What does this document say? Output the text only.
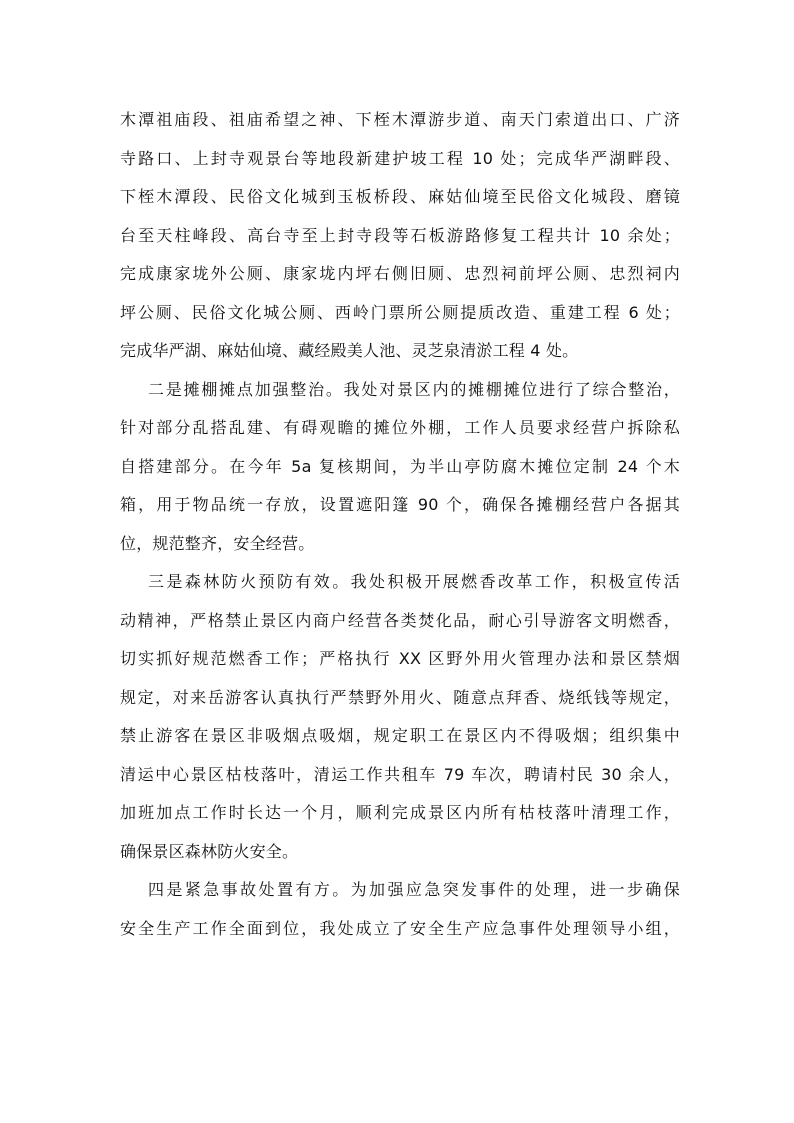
木潭祖庙段、祖庙希望之神、下桎木潭游步道、南天门索道出口、广济
寺路口、上封寺观景台等地段新建护坡工程 10 处；完成华严湖畔段、
下桎木潭段、民俗文化城到玉板桥段、麻姑仙境至民俗文化城段、磨镜
台至天柱峰段、高台寺至上封寺段等石板游路修复工程共计 10 余处；
完成康家垅外公厕、康家垅内坪右侧旧厕、忠烈祠前坪公厕、忠烈祠内
坪公厕、民俗文化城公厕、西岭门票所公厕提质改造、重建工程 6 处；
完成华严湖、麻姑仙境、藏经殿美人池、灵芝泉清淤工程 4 处。
二是摊棚摊点加强整治。我处对景区内的摊棚摊位进行了综合整治，
针对部分乱搭乱建、有碍观瞻的摊位外棚，工作人员要求经营户拆除私
自搭建部分。在今年 5a 复核期间，为半山亭防腐木摊位定制 24 个木
箱，用于物品统一存放，设置遮阳篷 90 个，确保各摊棚经营户各据其
位，规范整齐，安全经营。
三是森林防火预防有效。我处积极开展燃香改革工作，积极宣传活
动精神，严格禁止景区内商户经营各类焚化品，耐心引导游客文明燃香，
切实抓好规范燃香工作；严格执行 XX 区野外用火管理办法和景区禁烟
规定，对来岳游客认真执行严禁野外用火、随意点拜香、烧纸钱等规定，
禁止游客在景区非吸烟点吸烟，规定职工在景区内不得吸烟；组织集中
清运中心景区枯枝落叶，清运工作共租车 79 车次，聘请村民 30 余人，
加班加点工作时长达一个月，顺利完成景区内所有枯枝落叶清理工作，
确保景区森林防火安全。
四是紧急事故处置有方。为加强应急突发事件的处理，进一步确保
安全生产工作全面到位，我处成立了安全生产应急事件处理领导小组，
